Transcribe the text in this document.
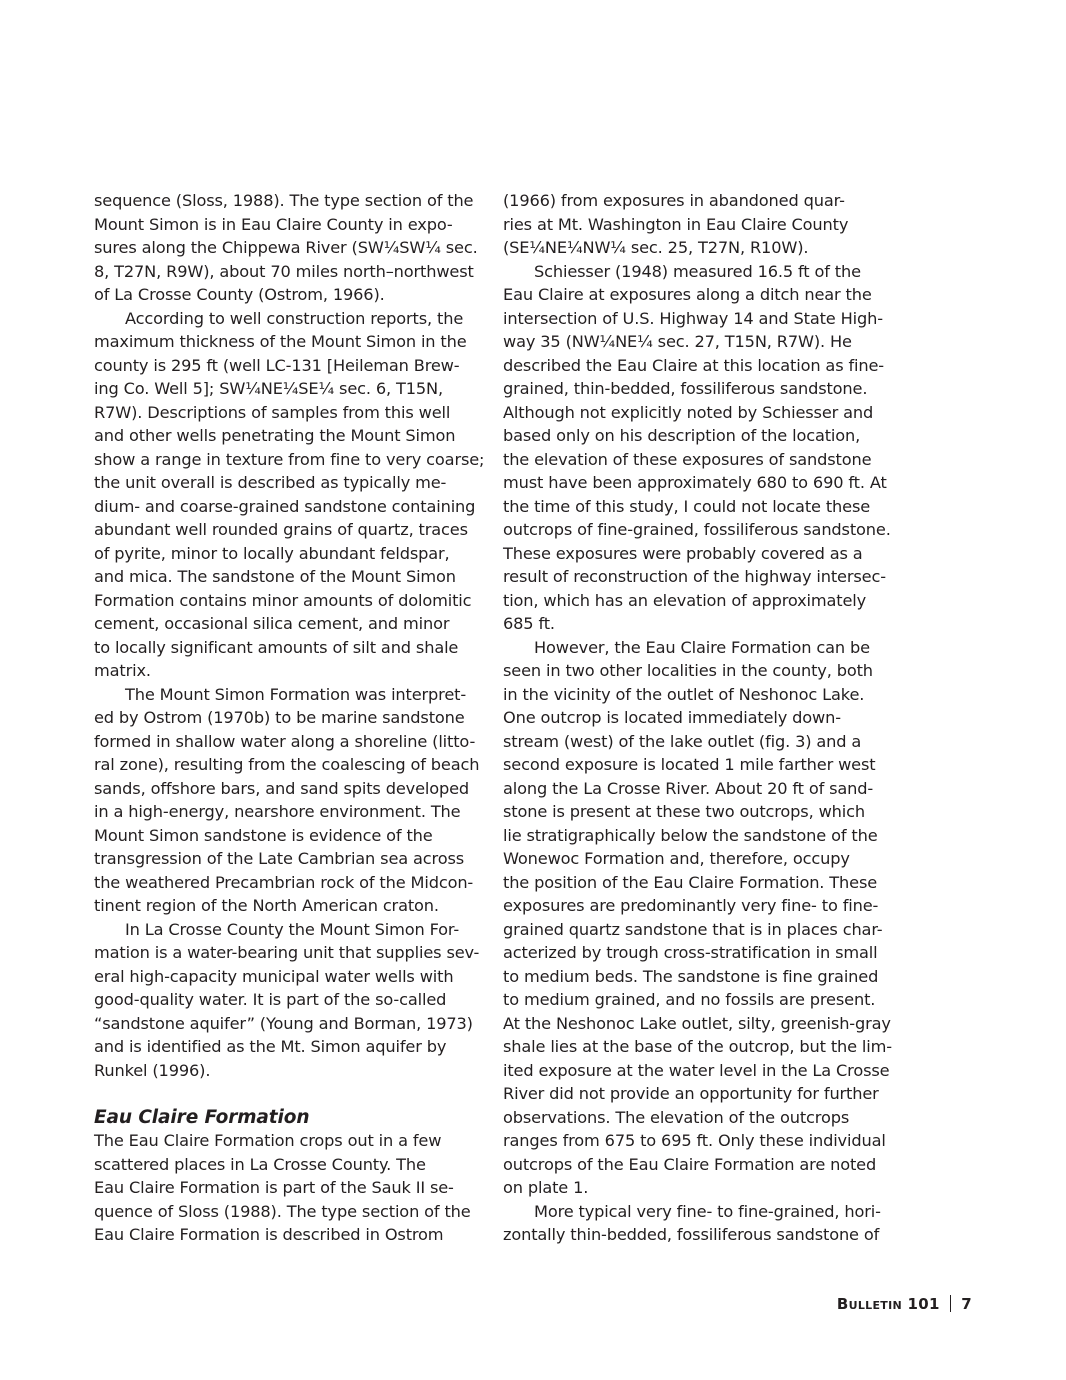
sequence (Sloss, 1988). The type section of the
Mount Simon is in Eau Claire County in expo-
sures along the Chippewa River (SW¼SW¼ sec.
8, T27N, R9W), about 70 miles north–northwest
of La Crosse County (Ostrom, 1966).
According to well construction reports, the
maximum thickness of the Mount Simon in the
county is 295 ft (well LC-131 [Heileman Brew-
ing Co. Well 5]; SW¼NE¼SE¼ sec. 6, T15N,
R7W). Descriptions of samples from this well
and other wells penetrating the Mount Simon
show a range in texture from fine to very coarse;
the unit overall is described as typically me-
dium- and coarse-grained sandstone containing
abundant well rounded grains of quartz, traces
of pyrite, minor to locally abundant feldspar,
and mica. The sandstone of the Mount Simon
Formation contains minor amounts of dolomitic
cement, occasional silica cement, and minor
to locally significant amounts of silt and shale
matrix.
The Mount Simon Formation was interpret-
ed by Ostrom (1970b) to be marine sandstone
formed in shallow water along a shoreline (litto-
ral zone), resulting from the coalescing of beach
sands, offshore bars, and sand spits developed
in a high-energy, nearshore environment. The
Mount Simon sandstone is evidence of the
transgression of the Late Cambrian sea across
the weathered Precambrian rock of the Midcon-
tinent region of the North American craton.
In La Crosse County the Mount Simon For-
mation is a water-bearing unit that supplies sev-
eral high-capacity municipal water wells with
good-quality water. It is part of the so-called
“sandstone aquifer” (Young and Borman, 1973)
and is identified as the Mt. Simon aquifer by
Runkel (1996).
Eau Claire Formation
The Eau Claire Formation crops out in a few
scattered places in La Crosse County. The
Eau Claire Formation is part of the Sauk II se-
quence of Sloss (1988). The type section of the
Eau Claire Formation is described in Ostrom
(1966) from exposures in abandoned quar-
ries at Mt. Washington in Eau Claire County
(SE¼NE¼NW¼ sec. 25, T27N, R10W).
Schiesser (1948) measured 16.5 ft of the
Eau Claire at exposures along a ditch near the
intersection of U.S. Highway 14 and State High-
way 35 (NW¼NE¼ sec. 27, T15N, R7W). He
described the Eau Claire at this location as fine-
grained, thin-bedded, fossiliferous sandstone.
Although not explicitly noted by Schiesser and
based only on his description of the location,
the elevation of these exposures of sandstone
must have been approximately 680 to 690 ft. At
the time of this study, I could not locate these
outcrops of fine-grained, fossiliferous sandstone.
These exposures were probably covered as a
result of reconstruction of the highway intersec-
tion, which has an elevation of approximately
685 ft.
However, the Eau Claire Formation can be
seen in two other localities in the county, both
in the vicinity of the outlet of Neshonoc Lake.
One outcrop is located immediately down-
stream (west) of the lake outlet (fig. 3) and a
second exposure is located 1 mile farther west
along the La Crosse River. About 20 ft of sand-
stone is present at these two outcrops, which
lie stratigraphically below the sandstone of the
Wonewoc Formation and, therefore, occupy
the position of the Eau Claire Formation. These
exposures are predominantly very fine- to fine-
grained quartz sandstone that is in places char-
acterized by trough cross-stratification in small
to medium beds. The sandstone is fine grained
to medium grained, and no fossils are present.
At the Neshonoc Lake outlet, silty, greenish-gray
shale lies at the base of the outcrop, but the lim-
ited exposure at the water level in the La Crosse
River did not provide an opportunity for further
observations. The elevation of the outcrops
ranges from 675 to 695 ft. Only these individual
outcrops of the Eau Claire Formation are noted
on plate 1.
More typical very fine- to fine-grained, hori-
zontally thin-bedded, fossiliferous sandstone of
Bulletin 101 7
